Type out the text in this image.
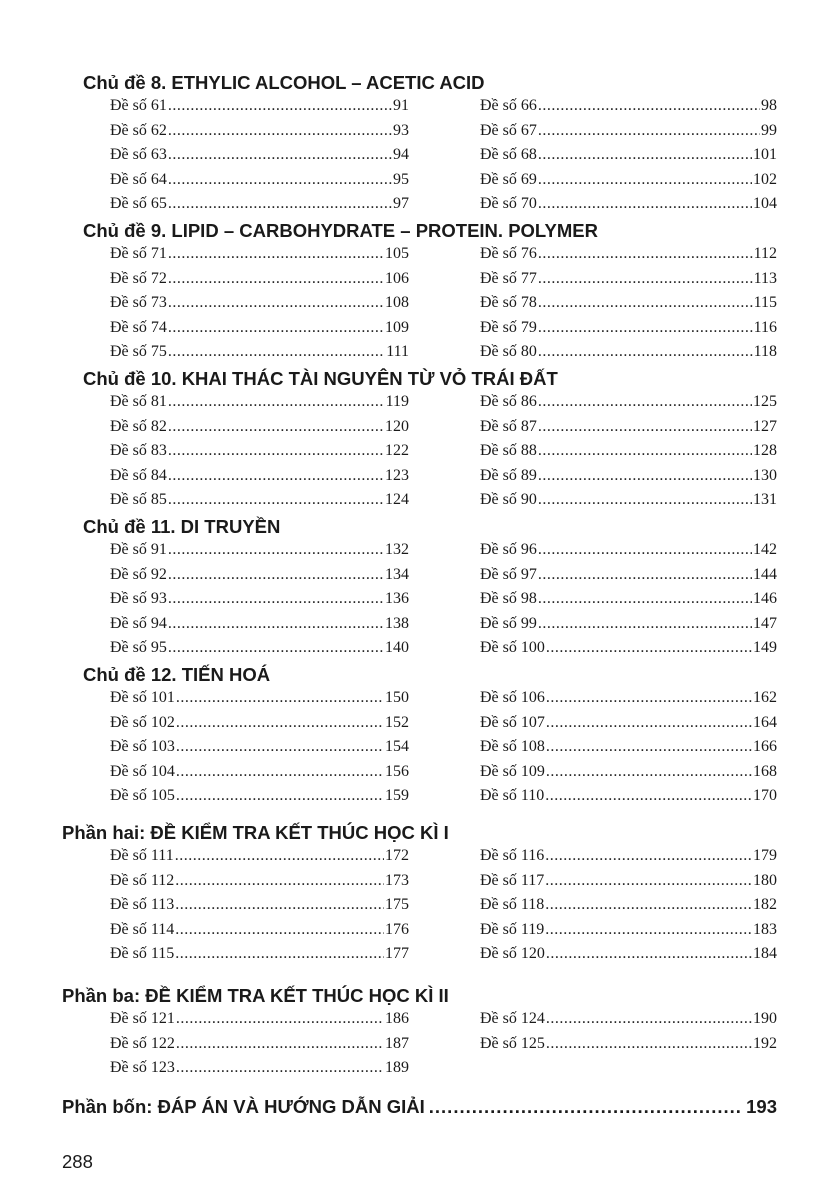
Phần bốn: ĐÁP ÁN VÀ HƯỚNG DẪN GIẢI .....	193
288
Chủ đề 8. ETHYLIC ALCOHOL – ACETIC ACID
Đề số 61 .....	91
Đề số 62 .....	93
Đề số 63 .....	94
Đề số 64 .....	95
Đề số 65 .....	97
Đề số 66 .....	98
Đề số 67 .....	99
Đề số 68 .....	101
Đề số 69 .....	102
Đề số 70 .....	104
Chủ đề 9. LIPID – CARBOHYDRATE – PROTEIN. POLYMER
Đề số 71 .....	105
Đề số 72 .....	106
Đề số 73 .....	108
Đề số 74 .....	109
Đề số 75 .....	111
Đề số 76 .....	112
Đề số 77 .....	113
Đề số 78 .....	115
Đề số 79 .....	116
Đề số 80 .....	118
Chủ đề 10. KHAI THÁC TÀI NGUYÊN TỪ VỎ TRÁI ĐẤT
Đề số 81 .....	119
Đề số 82 .....	120
Đề số 83 .....	122
Đề số 84 .....	123
Đề số 85 .....	124
Đề số 86 .....	125
Đề số 87 .....	127
Đề số 88 .....	128
Đề số 89 .....	130
Đề số 90 .....	131
Chủ đề 11. DI TRUYỀN
Đề số 91 .....	132
Đề số 92 .....	134
Đề số 93 .....	136
Đề số 94 .....	138
Đề số 95 .....	140
Đề số 96 .....	142
Đề số 97 .....	144
Đề số 98 .....	146
Đề số 99 .....	147
Đề số 100 .....	149
Chủ đề 12. TIẾN HOÁ
Đề số 101 .....	150
Đề số 102 .....	152
Đề số 103 .....	154
Đề số 104 .....	156
Đề số 105 .....	159
Đề số 106 .....	162
Đề số 107 .....	164
Đề số 108 .....	166
Đề số 109 .....	168
Đề số 110 .....	170
Phần hai: ĐỀ KIỂM TRA KẾT THÚC HỌC KÌ I
Đề số 111 .....	172
Đề số 112 .....	173
Đề số 113 .....	175
Đề số 114 .....	176
Đề số 115 .....	177
Đề số 116 .....	179
Đề số 117 .....	180
Đề số 118 .....	182
Đề số 119 .....	183
Đề số 120 .....	184
Phần ba: ĐỀ KIỂM TRA KẾT THÚC HỌC KÌ II
Đề số 121 .....	186
Đề số 122 .....	187
Đề số 123 .....	189
Đề số 124 .....	190
Đề số 125 .....	192
